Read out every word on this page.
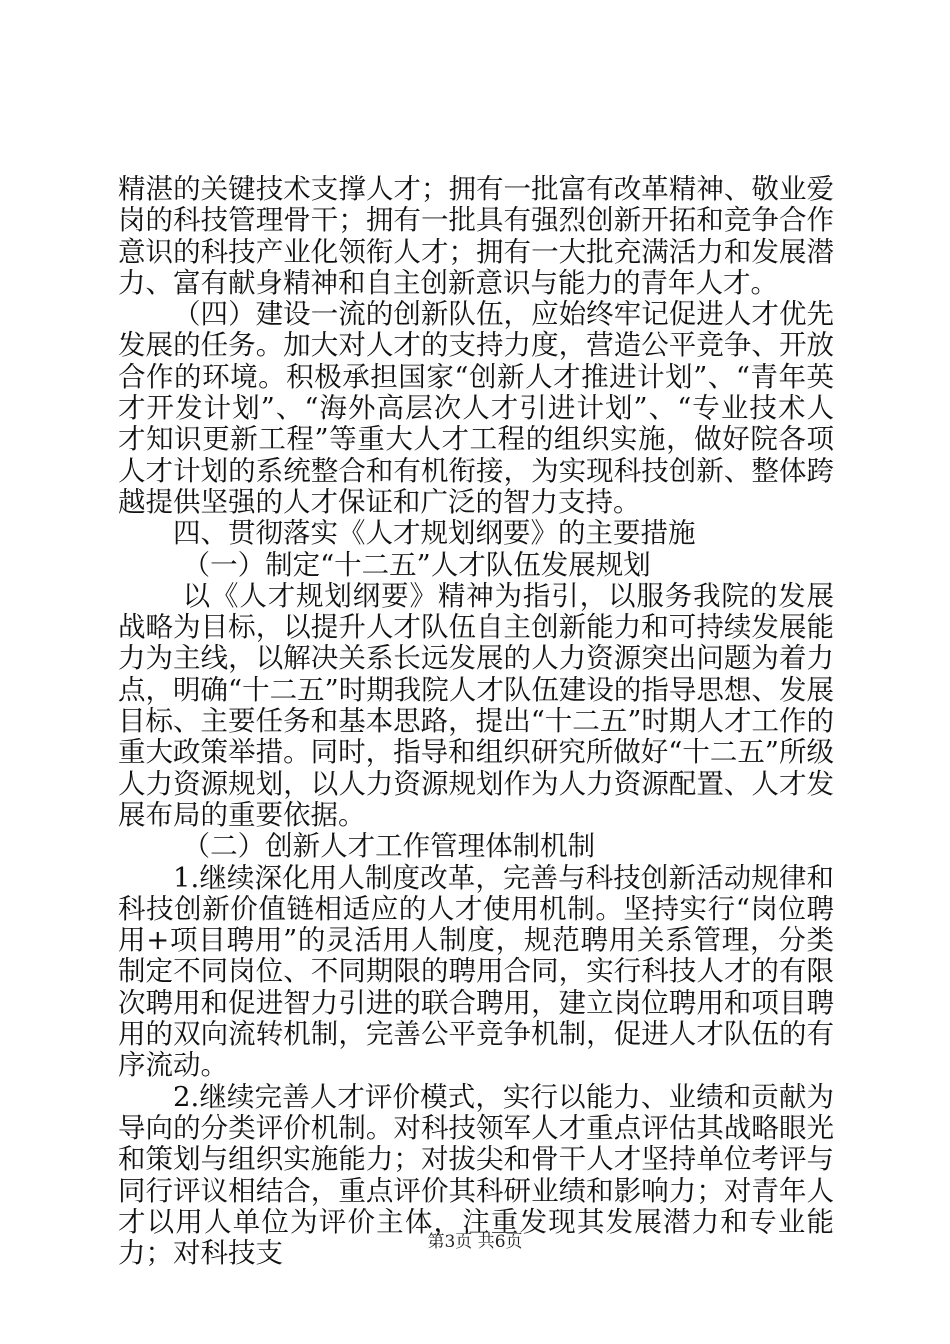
精湛的关键技术支撑人才；拥有一批富有改革精神、敬业爱岗的科技管理骨干；拥有一批具有强烈创新开拓和竞争合作意识的科技产业化领衔人才；拥有一大批充满活力和发展潜力、富有献身精神和自主创新意识与能力的青年人才。

（四）建设一流的创新队伍，应始终牢记促进人才优先发展的任务。加大对人才的支持力度，营造公平竞争、开放合作的环境。积极承担国家“创新人才推进计划”、“青年英才开发计划”、“海外高层次人才引进计划”、“专业技术人才知识更新工程”等重大人才工程的组织实施，做好院各项人才计划的系统整合和有机衔接，为实现科技创新、整体跨越提供坚强的人才保证和广泛的智力支持。

四、贯彻落实《人才规划纲要》的主要措施

（一）制定“十二五”人才队伍发展规划

以《人才规划纲要》精神为指引，以服务我院的发展战略为目标，以提升人才队伍自主创新能力和可持续发展能力为主线，以解决关系长远发展的人力资源突出问题为着力点，明确“十二五”时期我院人才队伍建设的指导思想、发展目标、主要任务和基本思路，提出“十二五”时期人才工作的重大政策举措。同时，指导和组织研究所做好“十二五”所级人力资源规划，以人力资源规划作为人力资源配置、人才发展布局的重要依据。

（二）创新人才工作管理体制机制

1.继续深化用人制度改革，完善与科技创新活动规律和科技创新价值链相适应的人才使用机制。坚持实行“岗位聘用+项目聘用”的灵活用人制度，规范聘用关系管理，分类制定不同岗位、不同期限的聘用合同，实行科技人才的有限次聘用和促进智力引进的联合聘用，建立岗位聘用和项目聘用的双向流转机制，完善公平竞争机制，促进人才队伍的有序流动。

2.继续完善人才评价模式，实行以能力、业绩和贡献为导向的分类评价机制。对科技领军人才重点评估其战略眼光和策划与组织实施能力；对拔尖和骨干人才坚持单位考评与同行评议相结合，重点评价其科研业绩和影响力；对青年人才以用人单位为评价主体，注重发现其发展潜力和专业能力；对科技支	第3页 共6页
